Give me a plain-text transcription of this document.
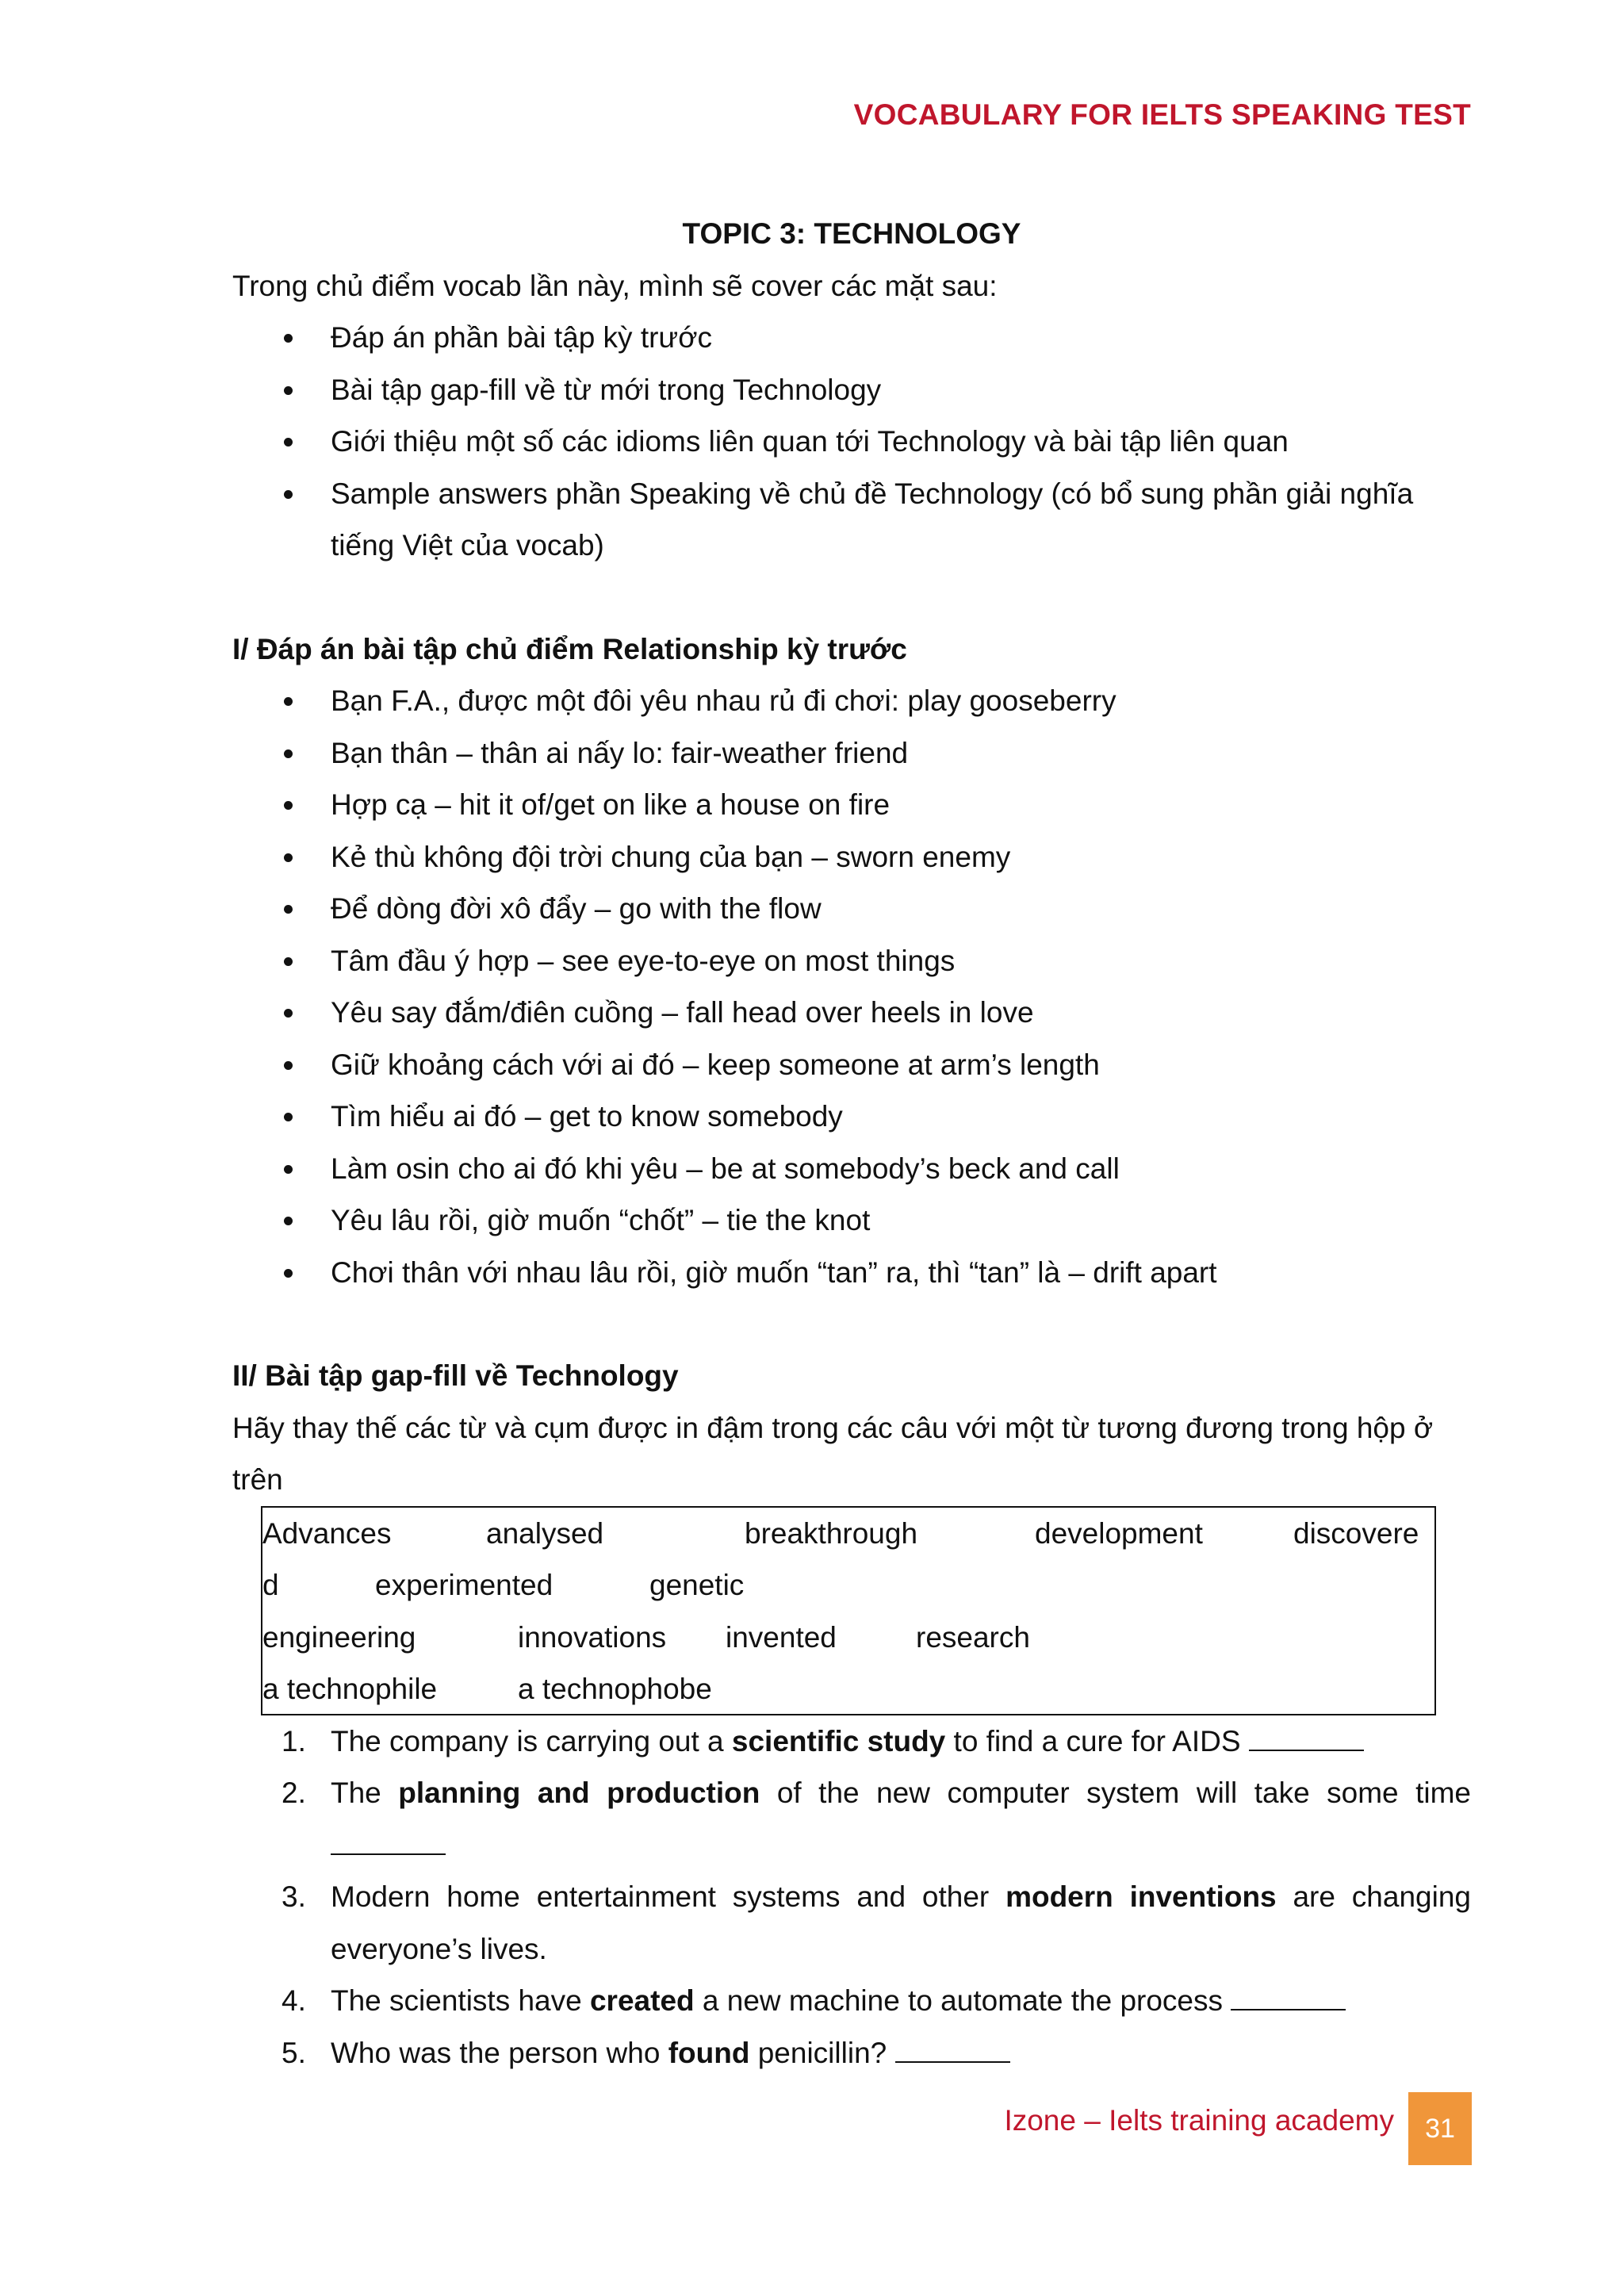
VOCABULARY FOR IELTS SPEAKING TEST

TOPIC 3: TECHNOLOGY

Trong chủ điểm vocab lần này, mình sẽ cover các mặt sau:

Đáp án phần bài tập kỳ trước
Bài tập gap-fill về từ mới trong Technology
Giới thiệu một số các idioms liên quan tới Technology và bài tập liên quan
Sample answers phần Speaking về chủ đề Technology (có bổ sung phần giải nghĩa tiếng Việt của vocab)

I/ Đáp án bài tập chủ điểm Relationship kỳ trước

Bạn F.A., được một đôi yêu nhau rủ đi chơi: play gooseberry
Bạn thân – thân ai nấy lo: fair-weather friend
Hợp cạ – hit it of/get on like a house on fire
Kẻ thù không đội trời chung của bạn – sworn enemy
Để dòng đời xô đẩy – go with the flow
Tâm đầu ý hợp – see eye-to-eye on most things
Yêu say đắm/điên cuồng – fall head over heels in love
Giữ khoảng cách với ai đó – keep someone at arm’s length
Tìm hiểu ai đó – get to know somebody
Làm osin cho ai đó khi yêu – be at somebody’s beck and call
Yêu lâu rồi, giờ muốn “chốt” – tie the knot
Chơi thân với nhau lâu rồi, giờ muốn “tan” ra, thì “tan” là – drift apart

II/ Bài tập gap-fill về Technology

Hãy thay thế các từ và cụm được in đậm trong các câu với một từ tương đương trong hộp ở trên

Advances	analysed	breakthrough	development	discovere
d	experimented	genetic
engineering	innovations invented	research
a technophile	a technophobe
1. The company is carrying out a scientific study to find a cure for AIDS
2. The planning and production of the new computer system will take some time
3. Modern home entertainment systems and other modern inventions are changing everyone’s lives.
4. The scientists have created a new machine to automate the process
5. Who was the person who found penicillin?
Izone – Ielts training academy	31
